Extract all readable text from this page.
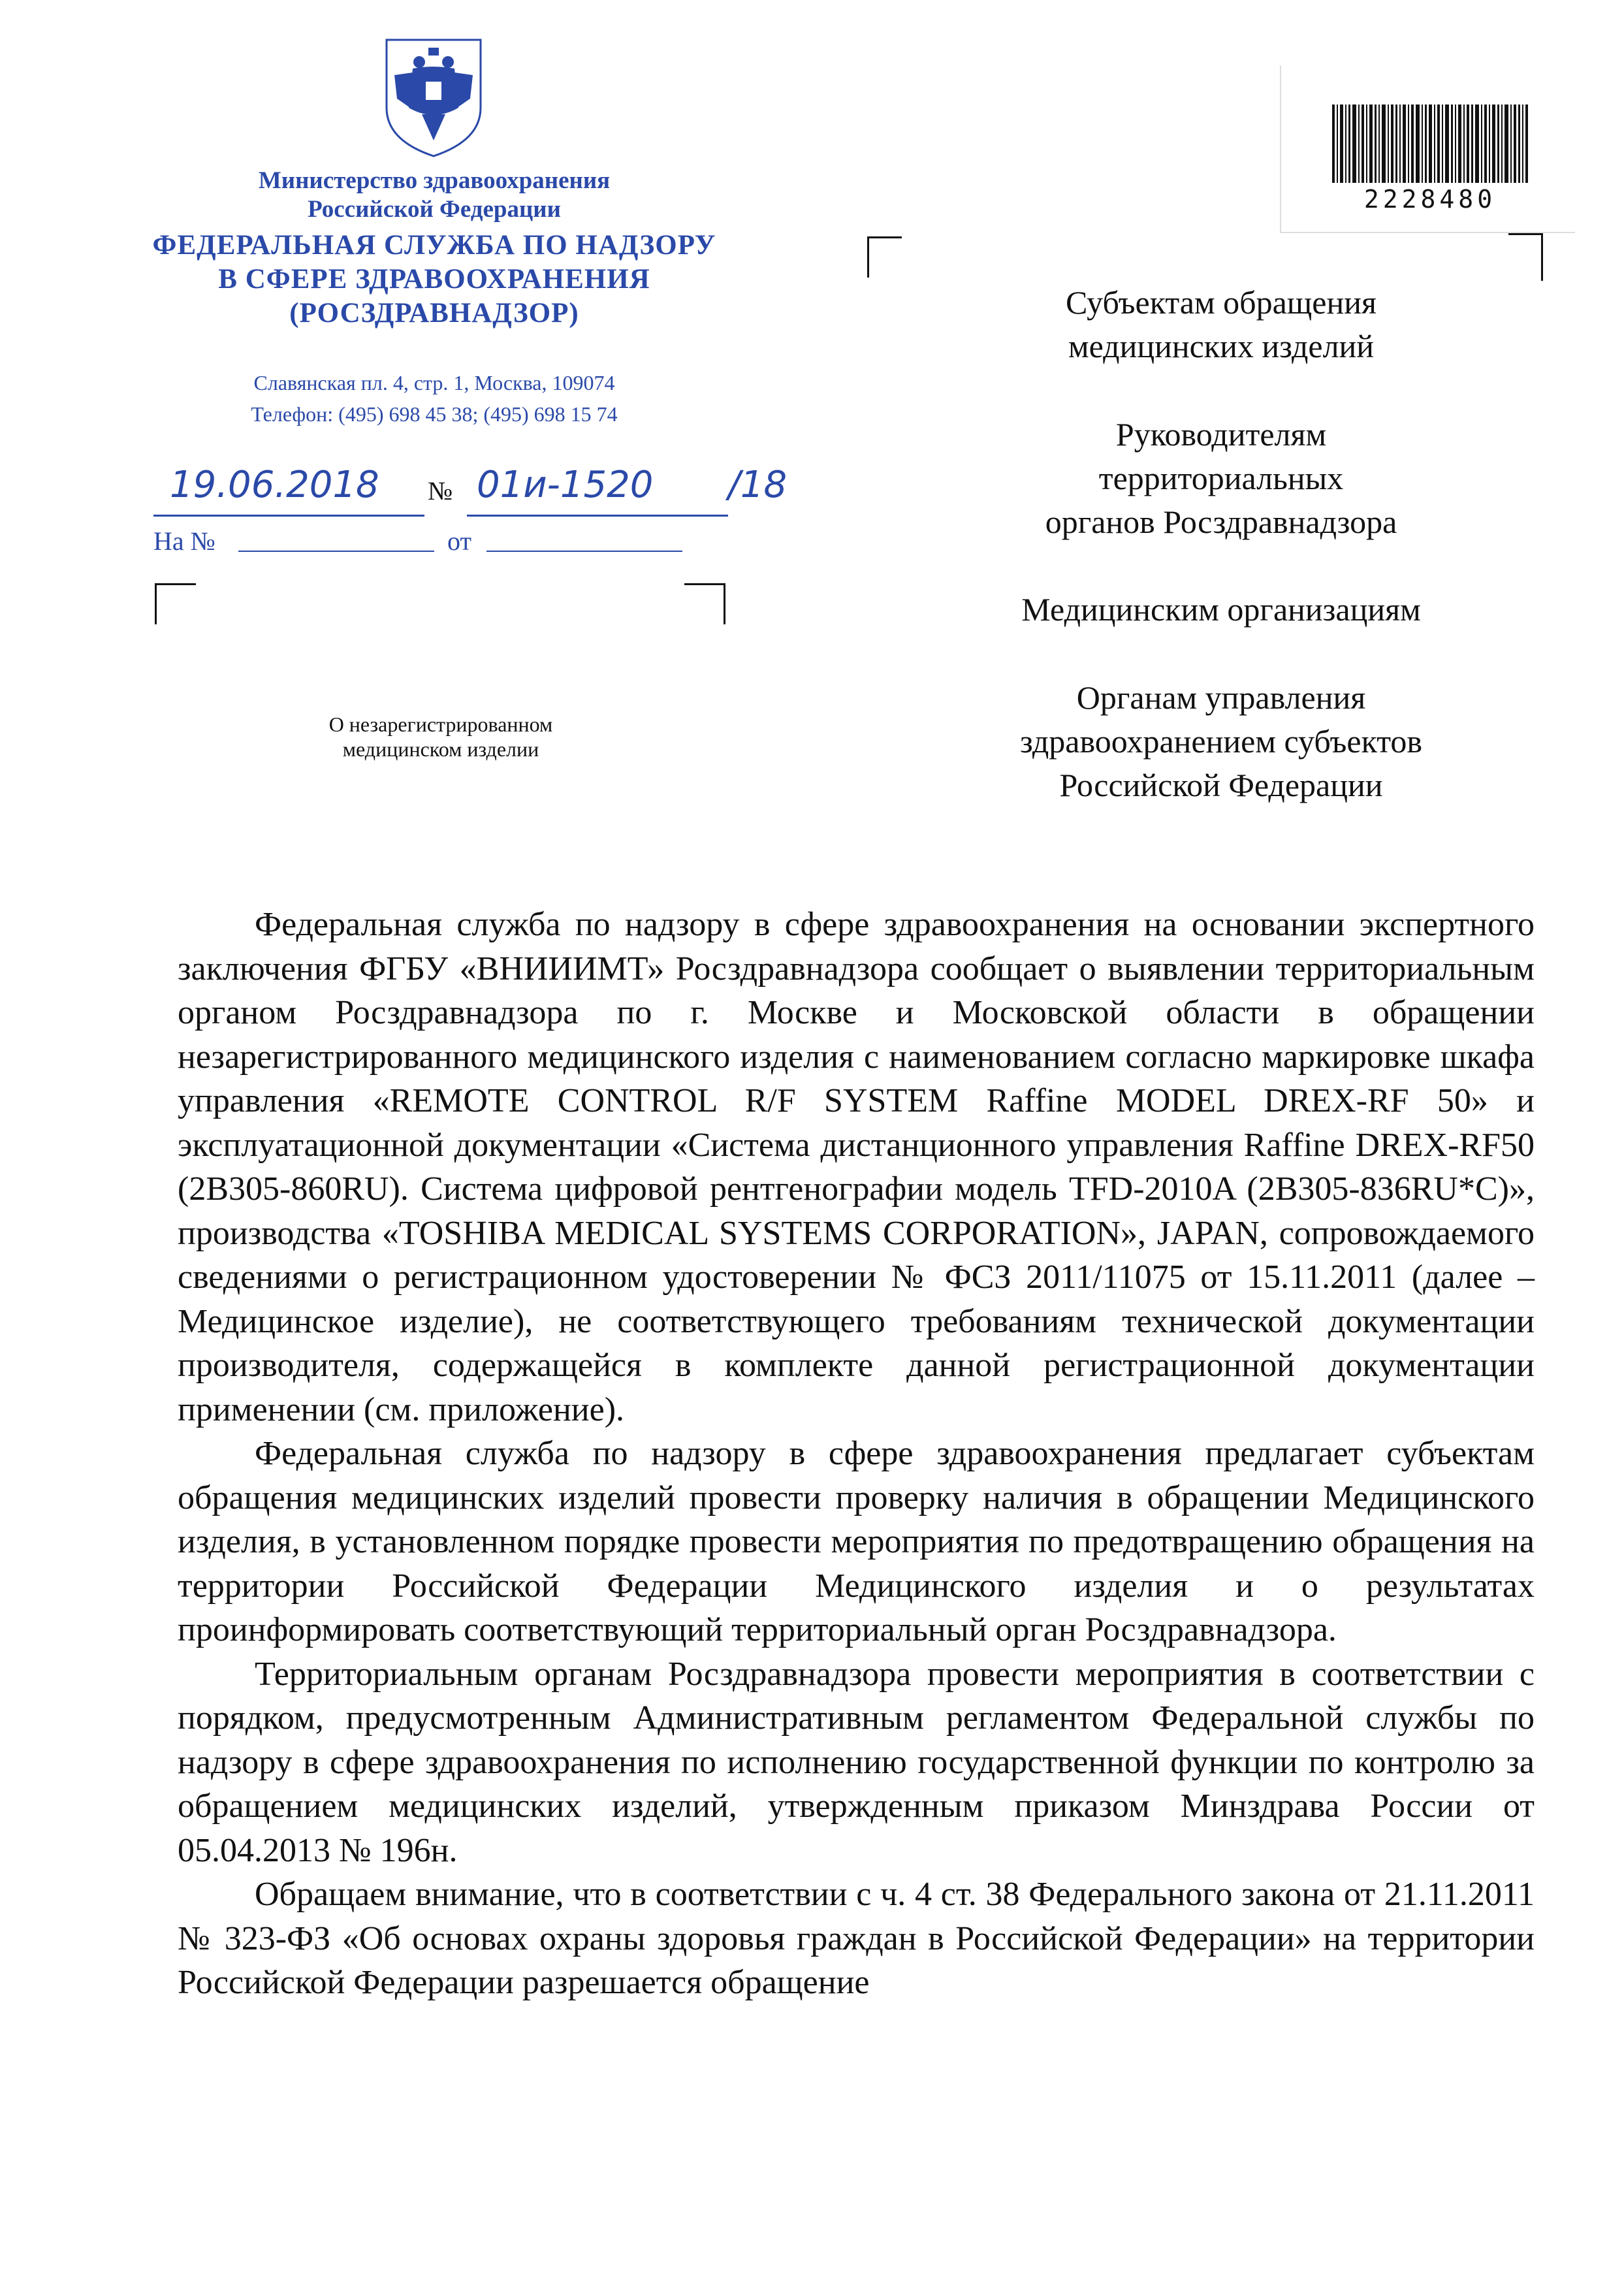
Министерство здравоохранения
Российской Федерации
ФЕДЕРАЛЬНАЯ СЛУЖБА ПО НАДЗОРУ
В СФЕРЕ ЗДРАВООХРАНЕНИЯ
(РОСЗДРАВНАДЗОР)
Славянская пл. 4, стр. 1, Москва, 109074
Телефон: (495) 698 45 38; (495) 698 15 74
19.06.2018 № 01и-1520 /18
На №	от
О незарегистрированном
медицинском изделии
2228480
Субъектам обращения
медицинских изделий
Руководителям
территориальных
органов Росздравнадзора
Медицинским организациям
Органам управления
здравоохранением субъектов
Российской Федерации

Федеральная служба по надзору в сфере здравоохранения на основании экспертного заключения ФГБУ «ВНИИИМТ» Росздравнадзора сообщает о выявлении территориальным органом Росздравнадзора по г. Москве и Московской области в обращении незарегистрированного медицинского изделия с наименованием согласно маркировке шкафа управления «REMOTE CONTROL R/F SYSTEM Raffine MODEL DREX-RF 50» и эксплуатационной документации «Система дистанционного управления Raffine DREX-RF50 (2B305-860RU). Система цифровой рентгенографии модель TFD-2010A (2B305-836RU*C)», производства «TOSHIBA MEDICAL SYSTEMS CORPORATION», JAPAN, сопровождаемого сведениями о регистрационном удостоверении № ФСЗ 2011/11075 от 15.11.2011 (далее – Медицинское изделие), не соответствующего требованиям технической документации производителя, содержащейся в комплекте данной регистрационной документации применении (см. приложение).

Федеральная служба по надзору в сфере здравоохранения предлагает субъектам обращения медицинских изделий провести проверку наличия в обращении Медицинского изделия, в установленном порядке провести мероприятия по предотвращению обращения на территории Российской Федерации Медицинского изделия и о результатах проинформировать соответствующий территориальный орган Росздравнадзора.

Территориальным органам Росздравнадзора провести мероприятия в соответствии с порядком, предусмотренным Административным регламентом Федеральной службы по надзору в сфере здравоохранения по исполнению государственной функции по контролю за обращением медицинских изделий, утвержденным приказом Минздрава России от 05.04.2013 № 196н.

Обращаем внимание, что в соответствии с ч. 4 ст. 38 Федерального закона от 21.11.2011 № 323-ФЗ «Об основах охраны здоровья граждан в Российской Федерации» на территории Российской Федерации разрешается обращение
